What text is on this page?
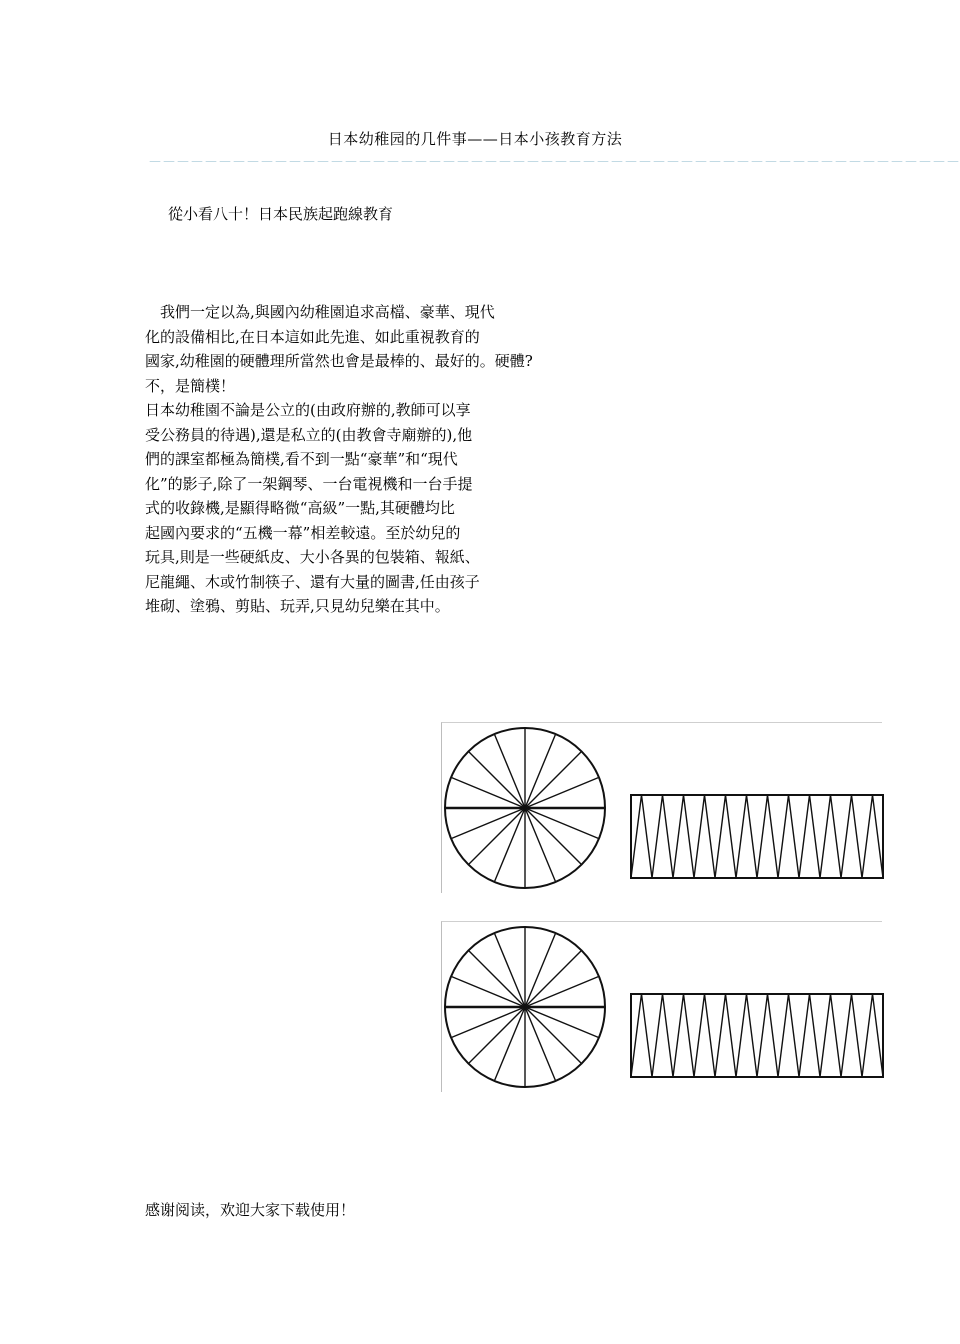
日本幼稚园的几件事——日本小孩教育方法
－－－－－－－－－－－－－－－－－－－－－－－－－－－－－－－－－－－－－－－－－－－－－－－－－－－－－－－－－－
從小看八十！日本民族起跑線教育
　我們一定以為,與國內幼稚園追求高檔、豪華、現代
化的設備相比,在日本這如此先進、如此重視教育的
國家,幼稚園的硬體理所當然也會是最棒的、最好的。硬體?
不，是簡樸！
日本幼稚園不論是公立的(由政府辦的,教師可以享
受公務員的待遇),還是私立的(由教會寺廟辦的),他
們的課室都極為簡樸,看不到一點“豪華”和“現代
化”的影子,除了一架鋼琴、一台電視機和一台手提
式的收錄機,是顯得略微“高級”一點,其硬體均比
起國內要求的“五機一幕”相差較遠。至於幼兒的
玩具,則是一些硬紙皮、大小各異的包裝箱、報紙、
尼龍繩、木或竹制筷子、還有大量的圖書,任由孩子
堆砌、塗鴉、剪貼、玩弄,只見幼兒樂在其中。
感谢阅读，欢迎大家下载使用！
